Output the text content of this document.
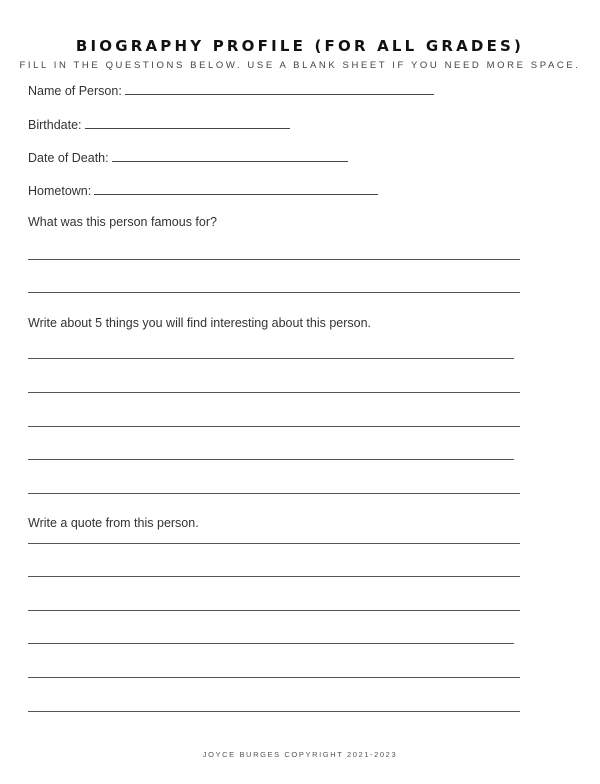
BIOGRAPHY PROFILE (FOR ALL GRADES)
FILL IN THE QUESTIONS BELOW. USE A BLANK SHEET IF YOU NEED MORE SPACE.
Name of Person:
Birthdate:
Date of Death:
Hometown:
What was this person famous for?
Write about 5 things you will find interesting about this person.
Write a quote from this person.
JOYCE BURGES COPYRIGHT 2021-2023
